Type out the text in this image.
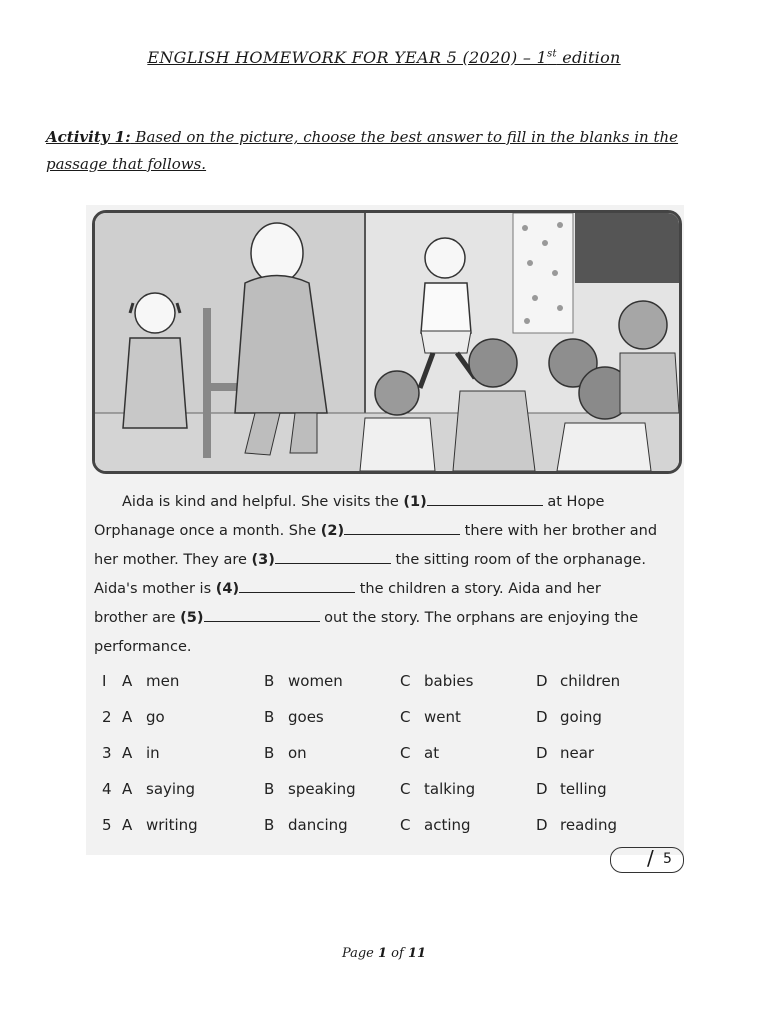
ENGLISH HOMEWORK FOR YEAR 5 (2020) – 1st edition
Activity 1: Based on the picture, choose the best answer to fill in the blanks in the passage that follows.
Aida is kind and helpful. She visits the (1)	at Hope
Orphanage once a month. She (2)	there with her brother and
her mother. They are (3)	the sitting room of the orphanage.
Aida's mother is (4)	the children a story. Aida and her
brother are (5)	out the story. The orphans are enjoying the
performance.
I A men	B women	C babies	D children
2 A go	B goes	C went	D going
3 A in	B on	C at	D near
4 A saying	B speaking	C talking	D telling
5 A writing	B dancing	C acting	D reading
/ 5
Page 1 of 11
